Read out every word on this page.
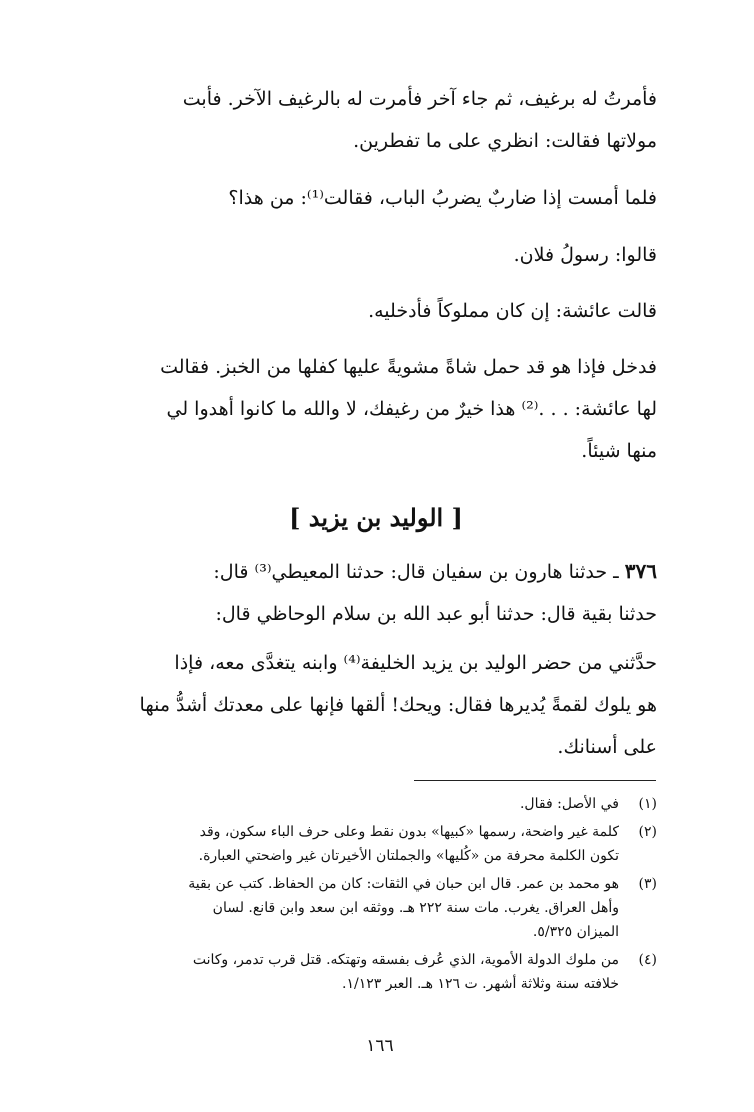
فأمرتُ له برغيف، ثم جاء آخر فأمرت له بالرغيف الآخر. فأبت
مولاتها فقالت: انظري على ما تفطرين.
فلما أمست إذا ضاربٌ يضربُ الباب، فقالت⁽¹⁾: من هذا؟
قالوا: رسولُ فلان.
قالت عائشة: إن كان مملوكاً فأدخليه.
فدخل فإذا هو قد حمل شاةً مشويةً عليها كفلها من الخبز. فقالت
لها عائشة: . . .⁽²⁾ هذا خيرٌ من رغيفك، لا والله ما كانوا أهدوا لي
منها شيئاً.
[ الوليد بن يزيد ]
٣٧٦ ـ حدثنا هارون بن سفيان قال: حدثنا المعيطي⁽³⁾ قال:
حدثنا بقية قال: حدثنا أبو عبد الله بن سلام الوحاظي قال:
حدَّثني من حضر الوليد بن يزيد الخليفة⁽⁴⁾ وابنه يتغدَّى معه، فإذا
هو يلوك لقمةً يُديرها فقال: ويحك! ألقها فإنها على معدتك أشدُّ منها
على أسنانك.
(١)
في الأصل: فقال.
(٢)
كلمة غير واضحة، رسمها «كبيها» بدون نقط وعلى حرف الباء سكون، وقد
تكون الكلمة محرفة من «كُليها» والجملتان الأخيرتان غير واضحتي العبارة.
(٣)
هو محمد بن عمر. قال ابن حبان في الثقات: كان من الحفاظ. كتب عن بقية
وأهل العراق. يغرب. مات سنة ٢٢٢ هـ. ووثقه ابن سعد وابن قانع. لسان
الميزان ٥/٣٢٥.
(٤)
من ملوك الدولة الأموية، الذي عُرف بفسقه وتهتكه. قتل قرب تدمر، وكانت
خلافته سنة وثلاثة أشهر. ت ١٢٦ هـ. العبر ١/١٢٣.
١٦٦
